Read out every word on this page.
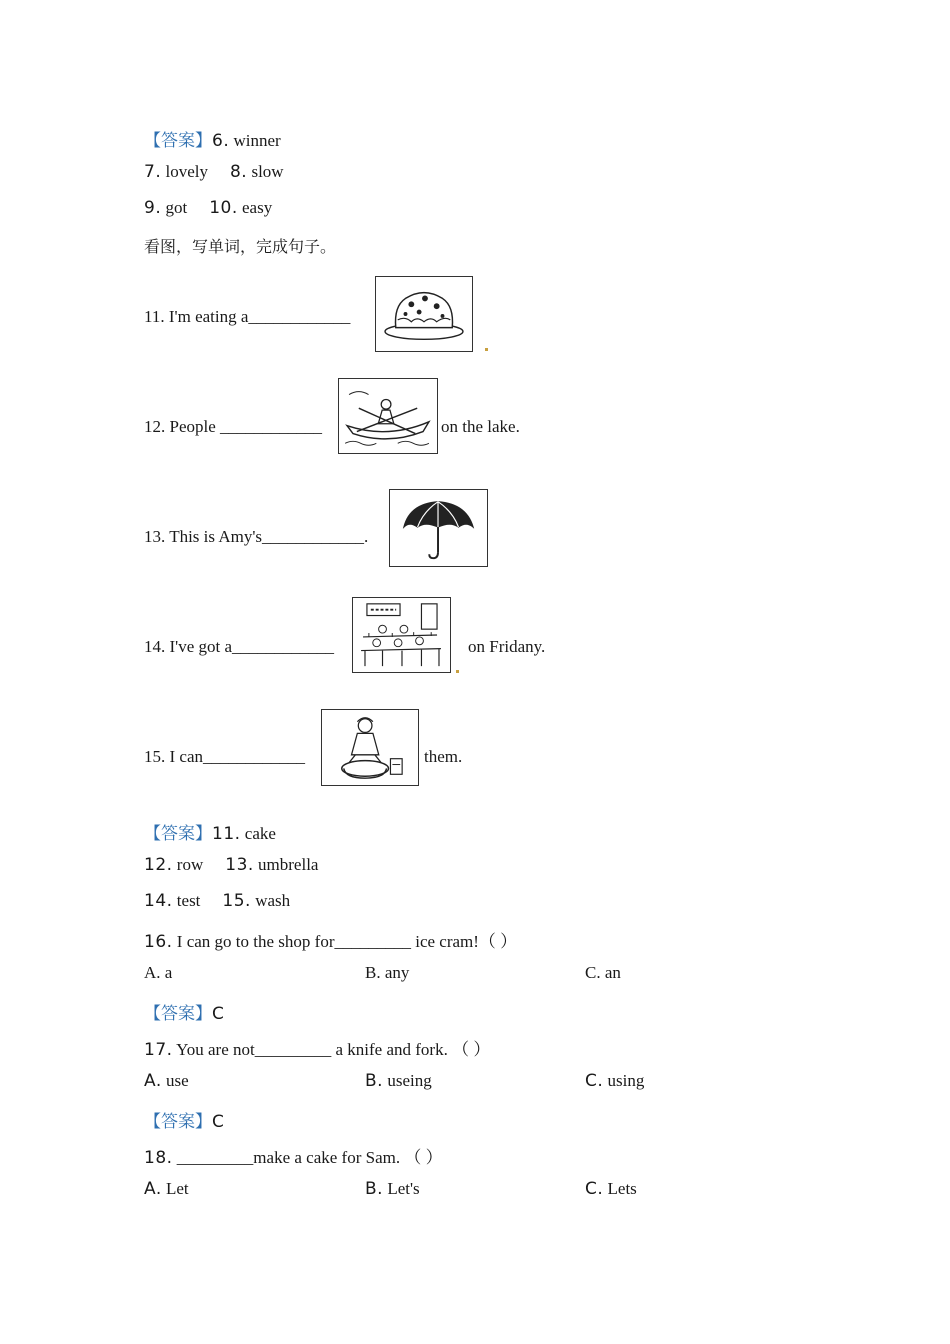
【答案】6. winner
7. lovely 8. slow
9. got 10. easy
看图，写单词，完成句子。
11. I'm eating a____________
12. People ____________	on the lake.
13. This is Amy's____________.
14. I've got a____________	on Fridany.
15. I can____________	them.
【答案】11. cake
12. row 13. umbrella
14. test 15. wash
16. I can go to the shop for_________ ice cram!（ ）
A. a	B. any	C. an
【答案】C
17. You are not_________ a knife and fork. （ ）
A. use	B. useing	C. using
【答案】C
18. _________make a cake for Sam. （ ）
A. Let	B. Let's	C. Lets
